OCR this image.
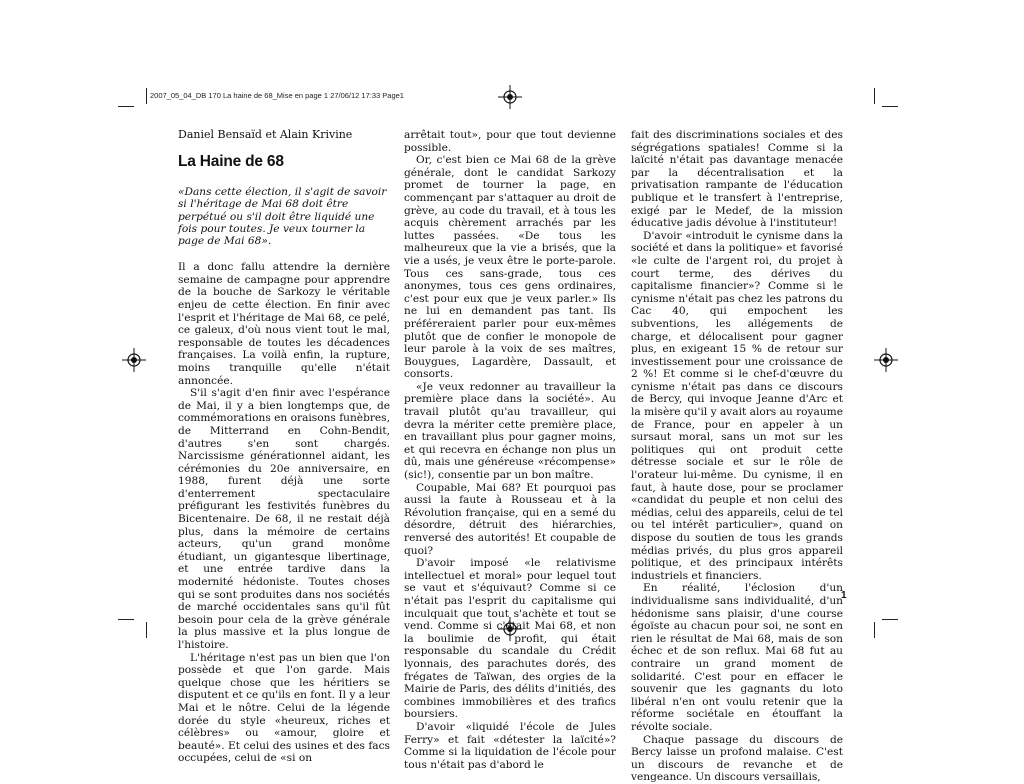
2007_05_04_DB 170 La haine de 68_Mise en page 1 27/06/12 17:33 Page1
Daniel Bensaïd et Alain Krivine
La Haine de 68
«Dans cette élection, il s'agit de savoir si l'héritage de Mai 68 doit être perpétué ou s'il doit être liquidé une fois pour toutes. Je veux tourner la page de Mai 68».

Il a donc fallu attendre la dernière semaine de campagne pour apprendre de la bouche de Sarkozy le véritable enjeu de cette élection. En finir avec l'esprit et l'héritage de Mai 68, ce pelé, ce galeux, d'où nous vient tout le mal, responsable de toutes les décadences françaises. La voilà enfin, la rupture, moins tranquille qu'elle n'était annoncée.

S'il s'agit d'en finir avec l'espérance de Mai, il y a bien longtemps que, de commémorations en oraisons funèbres, de Mitterrand en Cohn-Bendit, d'autres s'en sont chargés. Narcissisme générationnel aidant, les cérémonies du 20e anniversaire, en 1988, furent déjà une sorte d'enterrement spectaculaire préfigurant les festivités funèbres du Bicentenaire. De 68, il ne restait déjà plus, dans la mémoire de certains acteurs, qu'un grand monôme étudiant, un gigantesque libertinage, et une entrée tardive dans la modernité hédoniste. Toutes choses qui se sont produites dans nos sociétés de marché occidentales sans qu'il fût besoin pour cela de la grève générale la plus massive et la plus longue de l'histoire.

L'héritage n'est pas un bien que l'on possède et que l'on garde. Mais quelque chose que les héritiers se disputent et ce qu'ils en font. Il y a leur Mai et le nôtre. Celui de la légende dorée du style «heureux, riches et célèbres» ou «amour, gloire et beauté». Et celui des usines et des facs occupées, celui de «si on

arrêtait tout», pour que tout devienne possible.

Or, c'est bien ce Mai 68 de la grève générale, dont le candidat Sarkozy promet de tourner la page, en commençant par s'attaquer au droit de grève, au code du travail, et à tous les acquis chèrement arrachés par les luttes passées. «De tous les malheureux que la vie a brisés, que la vie a usés, je veux être le porte-parole. Tous ces sans-grade, tous ces anonymes, tous ces gens ordinaires, c'est pour eux que je veux parler.» Ils ne lui en demandent pas tant. Ils préféreraient parler pour eux-mêmes plutôt que de confier le monopole de leur parole à la voix de ses maîtres, Bouygues, Lagardère, Dassault, et consorts.

«Je veux redonner au travailleur la première place dans la société». Au travail plutôt qu'au travailleur, qui devra la mériter cette première place, en travaillant plus pour gagner moins, et qui recevra en échange non plus un dû, mais une généreuse «récompense» (sic!), consentie par un bon maître.

Coupable, Mai 68? Et pourquoi pas aussi la faute à Rousseau et à la Révolution française, qui en a semé du désordre, détruit des hiérarchies, renversé des autorités! Et coupable de quoi?

D'avoir imposé «le relativisme intellectuel et moral» pour lequel tout se vaut et s'équivaut? Comme si ce n'était pas l'esprit du capitalisme qui inculquait que tout s'achète et tout se vend. Comme si c'était Mai 68, et non la boulimie de profit, qui était responsable du scandale du Crédit lyonnais, des parachutes dorés, des frégates de Taïwan, des orgies de la Mairie de Paris, des délits d'initiés, des combines immobilières et des trafics boursiers.

D'avoir «liquidé l'école de Jules Ferry» et fait «détester la laïcité»? Comme si la liquidation de l'école pour tous n'était pas d'abord le

fait des discriminations sociales et des ségrégations spatiales! Comme si la laïcité n'était pas davantage menacée par la décentralisation et la privatisation rampante de l'éducation publique et le transfert à l'entreprise, exigé par le Medef, de la mission éducative jadis dévolue à l'instituteur!

D'avoir «introduit le cynisme dans la société et dans la politique» et favorisé «le culte de l'argent roi, du projet à court terme, des dérives du capitalisme financier»? Comme si le cynisme n'était pas chez les patrons du Cac 40, qui empochent les subventions, les allégements de charge, et délocalisent pour gagner plus, en exigeant 15 % de retour sur investissement pour une croissance de 2 %! Et comme si le chef-d'œuvre du cynisme n'était pas dans ce discours de Bercy, qui invoque Jeanne d'Arc et la misère qu'il y avait alors au royaume de France, pour en appeler à un sursaut moral, sans un mot sur les politiques qui ont produit cette détresse sociale et sur le rôle de l'orateur lui-même. Du cynisme, il en faut, à haute dose, pour se proclamer «candidat du peuple et non celui des médias, celui des appareils, celui de tel ou tel intérêt particulier», quand on dispose du soutien de tous les grands médias privés, du plus gros appareil politique, et des principaux intérêts industriels et financiers.

En réalité, l'éclosion d'un individualisme sans individualité, d'un hédonisme sans plaisir, d'une course égoïste au chacun pour soi, ne sont en rien le résultat de Mai 68, mais de son échec et de son reflux. Mai 68 fut au contraire un grand moment de solidarité. C'est pour en effacer le souvenir que les gagnants du loto libéral n'en ont voulu retenir que la réforme sociétale en étouffant la révolte sociale.

Chaque passage du discours de Bercy laisse un profond malaise. C'est un discours de revanche et de vengeance. Un discours versaillais,

1
